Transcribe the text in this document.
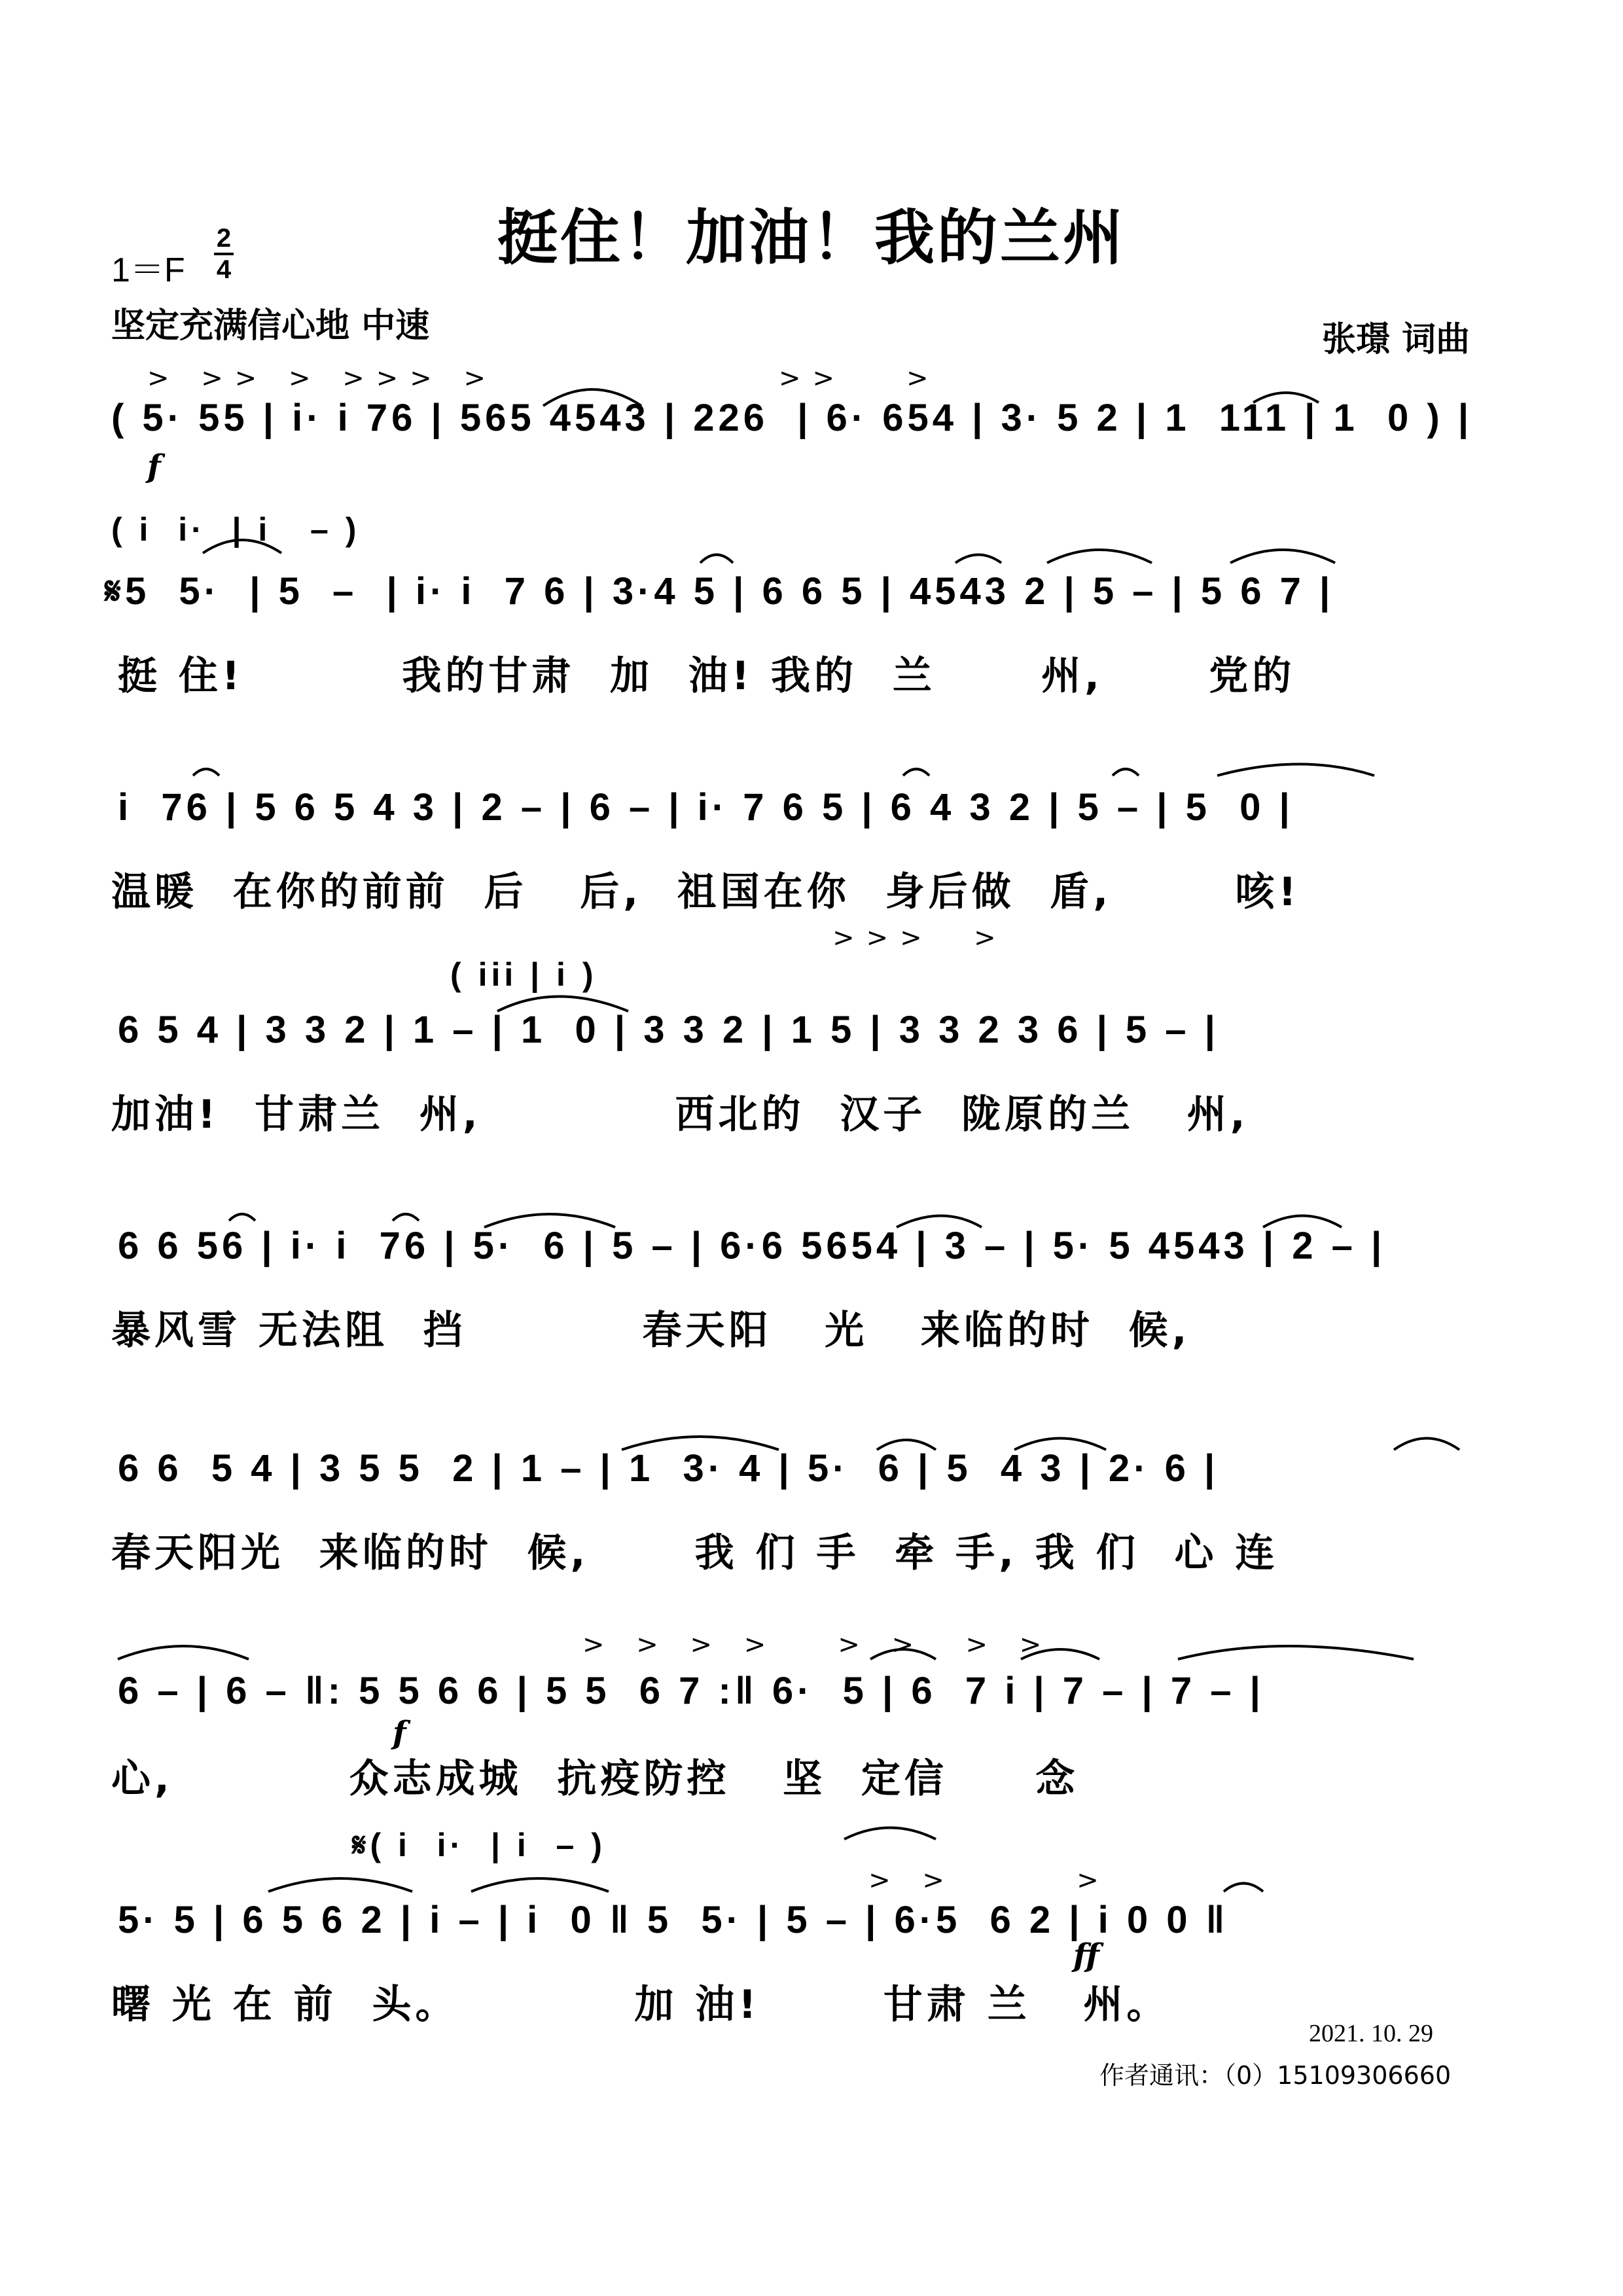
挺住！加油！我的兰州
1＝F
2
4
坚定充满信心地 中速	张璟 词曲
> >> > >>> >              >>   >
( 5· 55 | i· i 76 | 565 4543 | 226  | 6· 654 | 3· 5 2 | 1  111 | 1  0 ) |
f
( i  i·  | i   – )
𝄋5  5·  | 5  –  | i· i  7 6 | 3·4 5 | 6 6 5 | 4543 2 | 5 – | 5 6 7 |
挺 住!         我的甘肃  加  油! 我的  兰      州,      党的
i  76 | 5 6 5 4 3 | 2 – | 6 – | i· 7 6 5 | 6 4 3 2 | 5 – | 5  0 |
温暖  在你的前前  后   后,  祖国在你  身后做  盾,       咳!
>>>  >
( iii | i )
6 5 4 | 3 3 2 | 1 – | 1  0 | 3 3 2 | 1 5 | 3 3 2 3 6 | 5 – |
加油!  甘肃兰  州,           西北的  汉子  陇原的兰   州,
6 6 56 | i· i  76 | 5·  6 | 5 – | 6·6 5654 | 3 – | 5· 5 4543 | 2 – |
暴风雪 无法阻  挡          春天阳   光   来临的时  候,
6 6  5 4 | 3 5 5  2 | 1 – | 1  3· 4 | 5·  6 | 5  4 3 | 2· 6 |
春天阳光  来临的时  候,      我 们 手  牵 手, 我 们  心 连
> > > >   > >  > >
6 – | 6 – ‖: 5 5 6 6 | 5 5  6 7 :‖ 6·  5 | 6  7 i | 7 – | 7 – |
f
心,          众志成城  抗疫防控   坚  定信     念
> >      >
𝄋( i  i·  | i  – )
5· 5 | 6 5 6 2 | i – | i  0 ‖ 5  5· | 5 – | 6·5  6 2 | i 0 0 ‖
ff
曙 光 在 前  头。          加 油!       甘肃 兰   州。
2021. 10. 29
作者通讯：（0）15109306660
